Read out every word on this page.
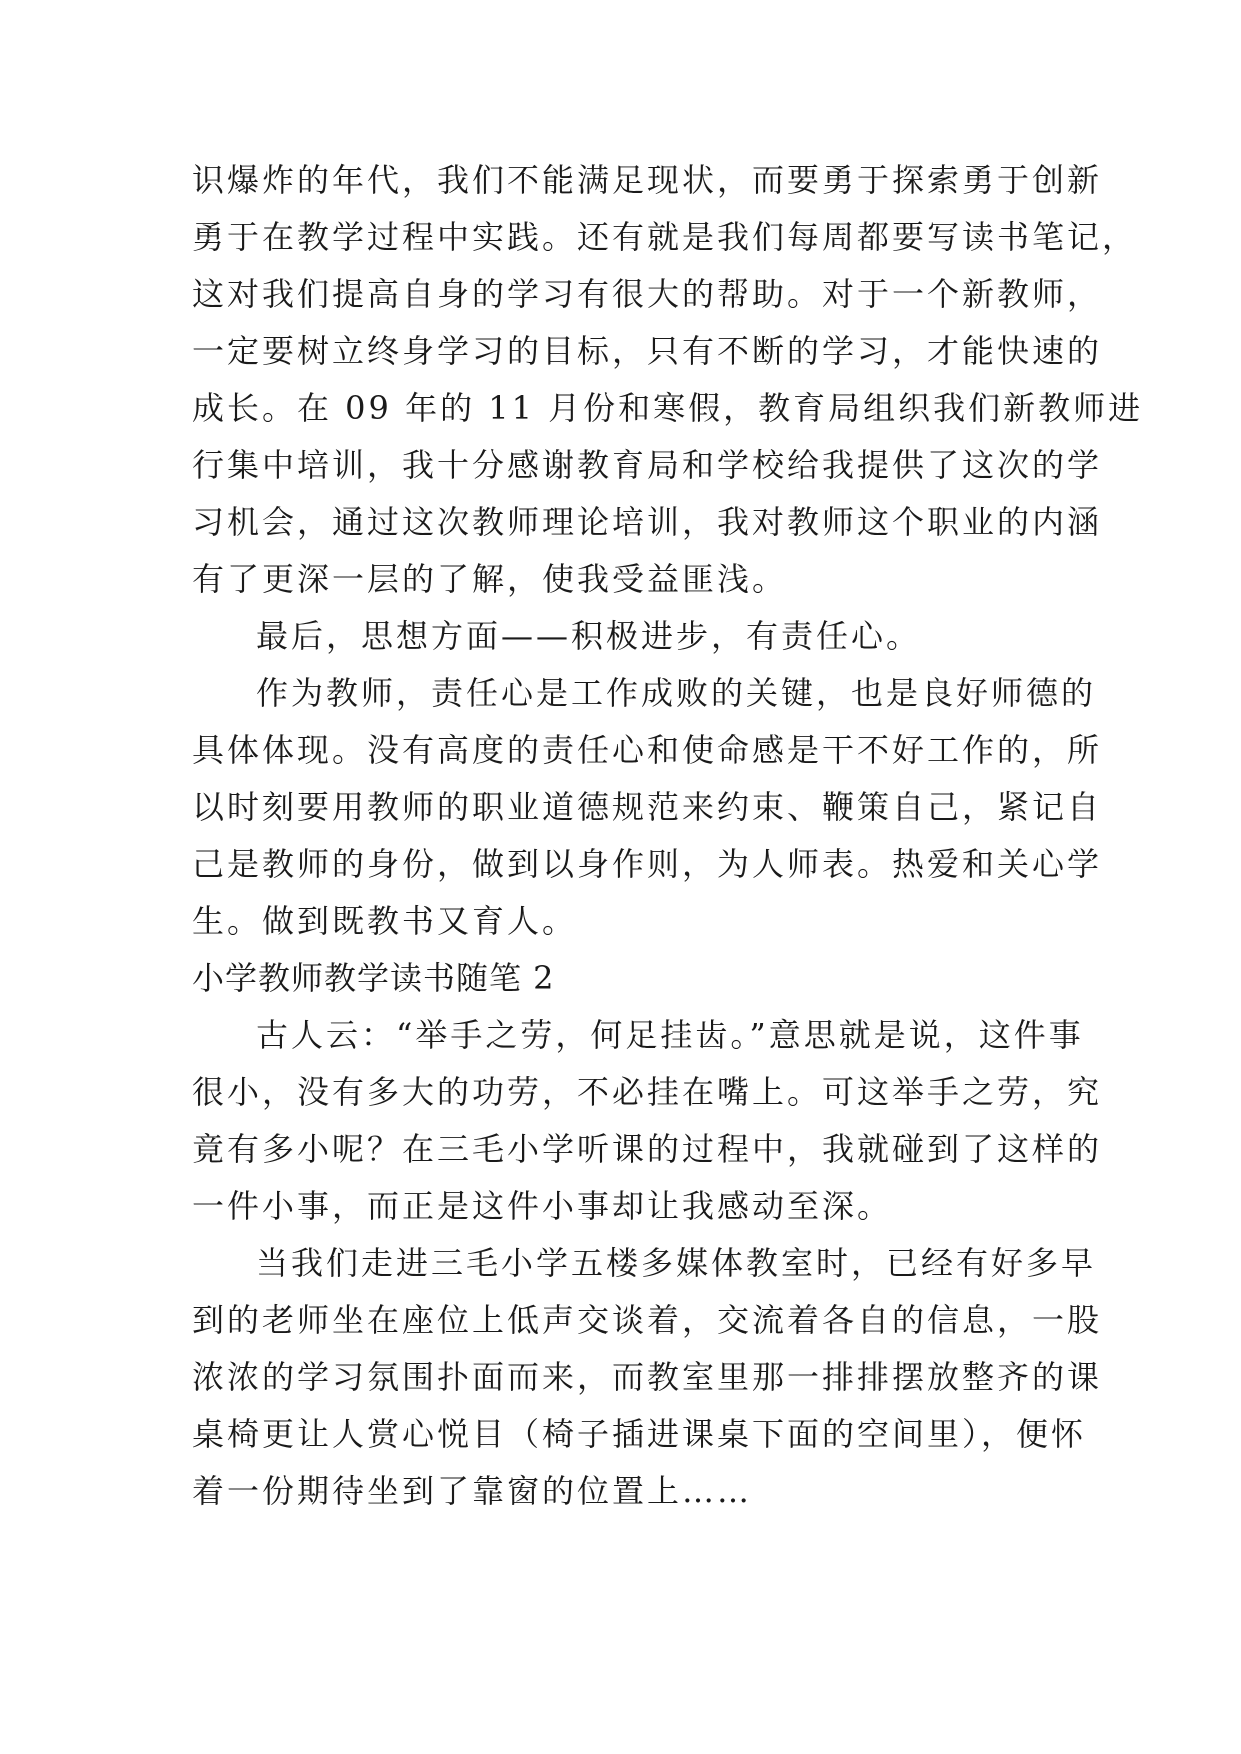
识爆炸的年代，我们不能满足现状，而要勇于探索勇于创新
勇于在教学过程中实践。还有就是我们每周都要写读书笔记，
这对我们提高自身的学习有很大的帮助。对于一个新教师，
一定要树立终身学习的目标，只有不断的学习，才能快速的
成长。在 09 年的 11 月份和寒假，教育局组织我们新教师进
行集中培训，我十分感谢教育局和学校给我提供了这次的学
习机会，通过这次教师理论培训，我对教师这个职业的内涵
有了更深一层的了解，使我受益匪浅。
最后，思想方面——积极进步，有责任心。
作为教师，责任心是工作成败的关键，也是良好师德的
具体体现。没有高度的责任心和使命感是干不好工作的，所
以时刻要用教师的职业道德规范来约束、鞭策自己，紧记自
己是教师的身份，做到以身作则，为人师表。热爱和关心学
生。做到既教书又育人。
小学教师教学读书随笔 2
古人云：“举手之劳，何足挂齿。”意思就是说，这件事
很小，没有多大的功劳，不必挂在嘴上。可这举手之劳，究
竟有多小呢？在三毛小学听课的过程中，我就碰到了这样的
一件小事，而正是这件小事却让我感动至深。
当我们走进三毛小学五楼多媒体教室时，已经有好多早
到的老师坐在座位上低声交谈着，交流着各自的信息，一股
浓浓的学习氛围扑面而来，而教室里那一排排摆放整齐的课
桌椅更让人赏心悦目（椅子插进课桌下面的空间里），便怀
着一份期待坐到了靠窗的位置上……
